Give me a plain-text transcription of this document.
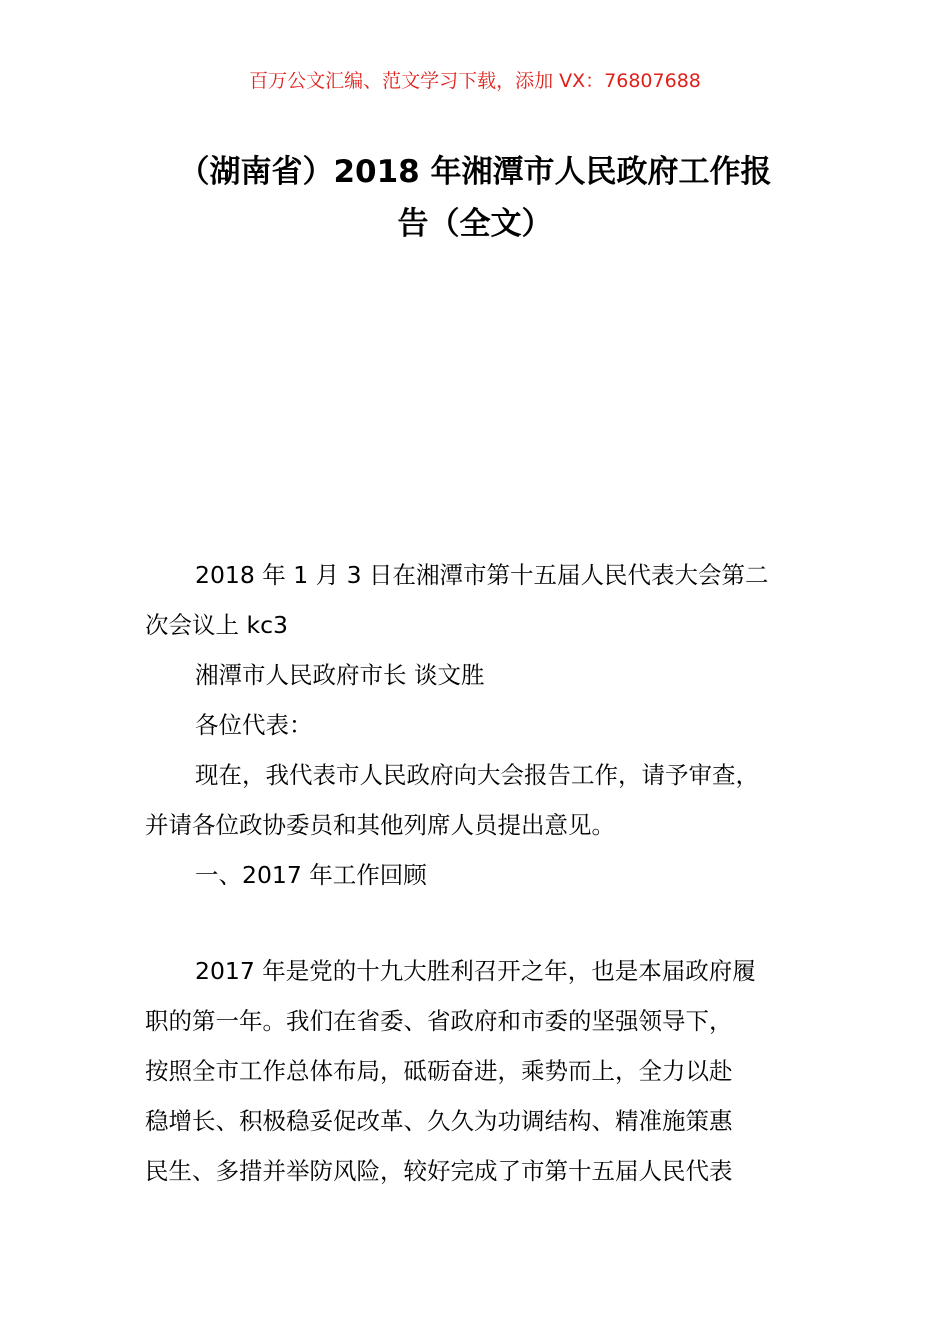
百万公文汇编、范文学习下载，添加 VX：76807688
（湖南省）2018 年湘潭市人民政府工作报
告（全文）
2018 年 1 月 3 日在湘潭市第十五届人民代表大会第二
次会议上 kc3
湘潭市人民政府市长 谈文胜
各位代表：
现在，我代表市人民政府向大会报告工作，请予审查，
并请各位政协委员和其他列席人员提出意见。
一、2017 年工作回顾
2017 年是党的十九大胜利召开之年，也是本届政府履
职的第一年。我们在省委、省政府和市委的坚强领导下，
按照全市工作总体布局，砥砺奋进，乘势而上，全力以赴
稳增长、积极稳妥促改革、久久为功调结构、精准施策惠
民生、多措并举防风险，较好完成了市第十五届人民代表
